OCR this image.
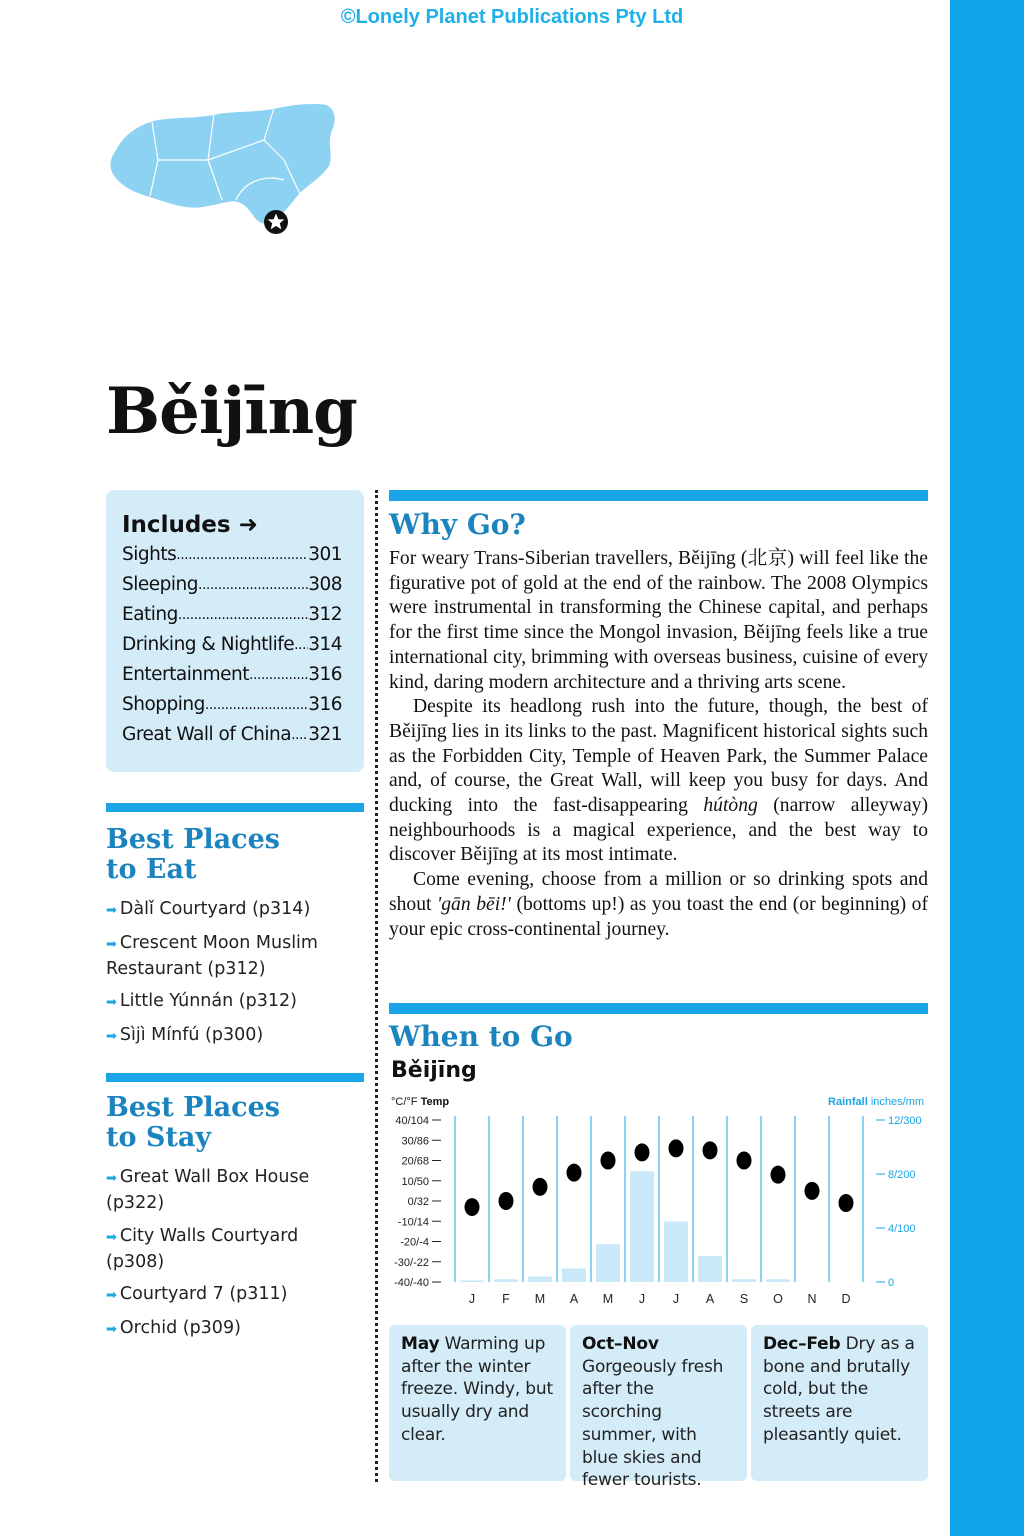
©Lonely Planet Publications Pty Ltd
Běijīng
Includes ➜
Sights .....	301
Sleeping .....	308
Eating .....	312
Drinking & Nightlife ..... 314
Entertainment .....	316
Shopping .....	316
Great Wall of China ..... 321
Best Places
to Eat
➡ Dàlǐ Courtyard (p314)
➡ Crescent Moon Muslim Restaurant (p312)
➡ Little Yúnnán (p312)
➡ Sìjì Mínfú (p300)
Best Places
to Stay
➡ Great Wall Box House (p322)
➡ City Walls Courtyard (p308)
➡ Courtyard 7 (p311)
➡ Orchid (p309)
Why Go?

For weary Trans-Siberian travellers, Běijīng (北京) will feel like the figurative pot of gold at the end of the rainbow. The 2008 Olympics were instrumental in transforming the Chinese capital, and perhaps for the first time since the Mongol invasion, Běijīng feels like a true international city, brimming with overseas business, cuisine of every kind, daring modern architecture and a thriving arts scene.

Despite its headlong rush into the future, though, the best of Běijīng lies in its links to the past. Magnificent historical sights such as the Forbidden City, Temple of Heaven Park, the Summer Palace and, of course, the Great Wall, will keep you busy for days. And ducking into the fast-disappearing hútòng (narrow alleyway) neighbourhoods is a magical experience, and the best way to discover Běijīng at its most intimate.

Come evening, choose from a million or so drinking spots and shout 'gān bēi!' (bottoms up!) as you toast the end (or beginning) of your epic cross-continental journey.

When to Go
Běijīng
°C/°F Temp	Rainfall inches/mm
40/104
30/86
20/68
10/50
0/32
-10/14
-20/-4
-30/-22
-40/-40
12/300
8/200
4/100
0
J F M A M J J A S O N D
May Warming up after the winter freeze. Windy, but usually dry and clear.
Oct–Nov Gorgeously fresh after the scorching summer, with blue skies and fewer tourists.
Dec–Feb Dry as a bone and brutally cold, but the streets are pleasantly quiet.
